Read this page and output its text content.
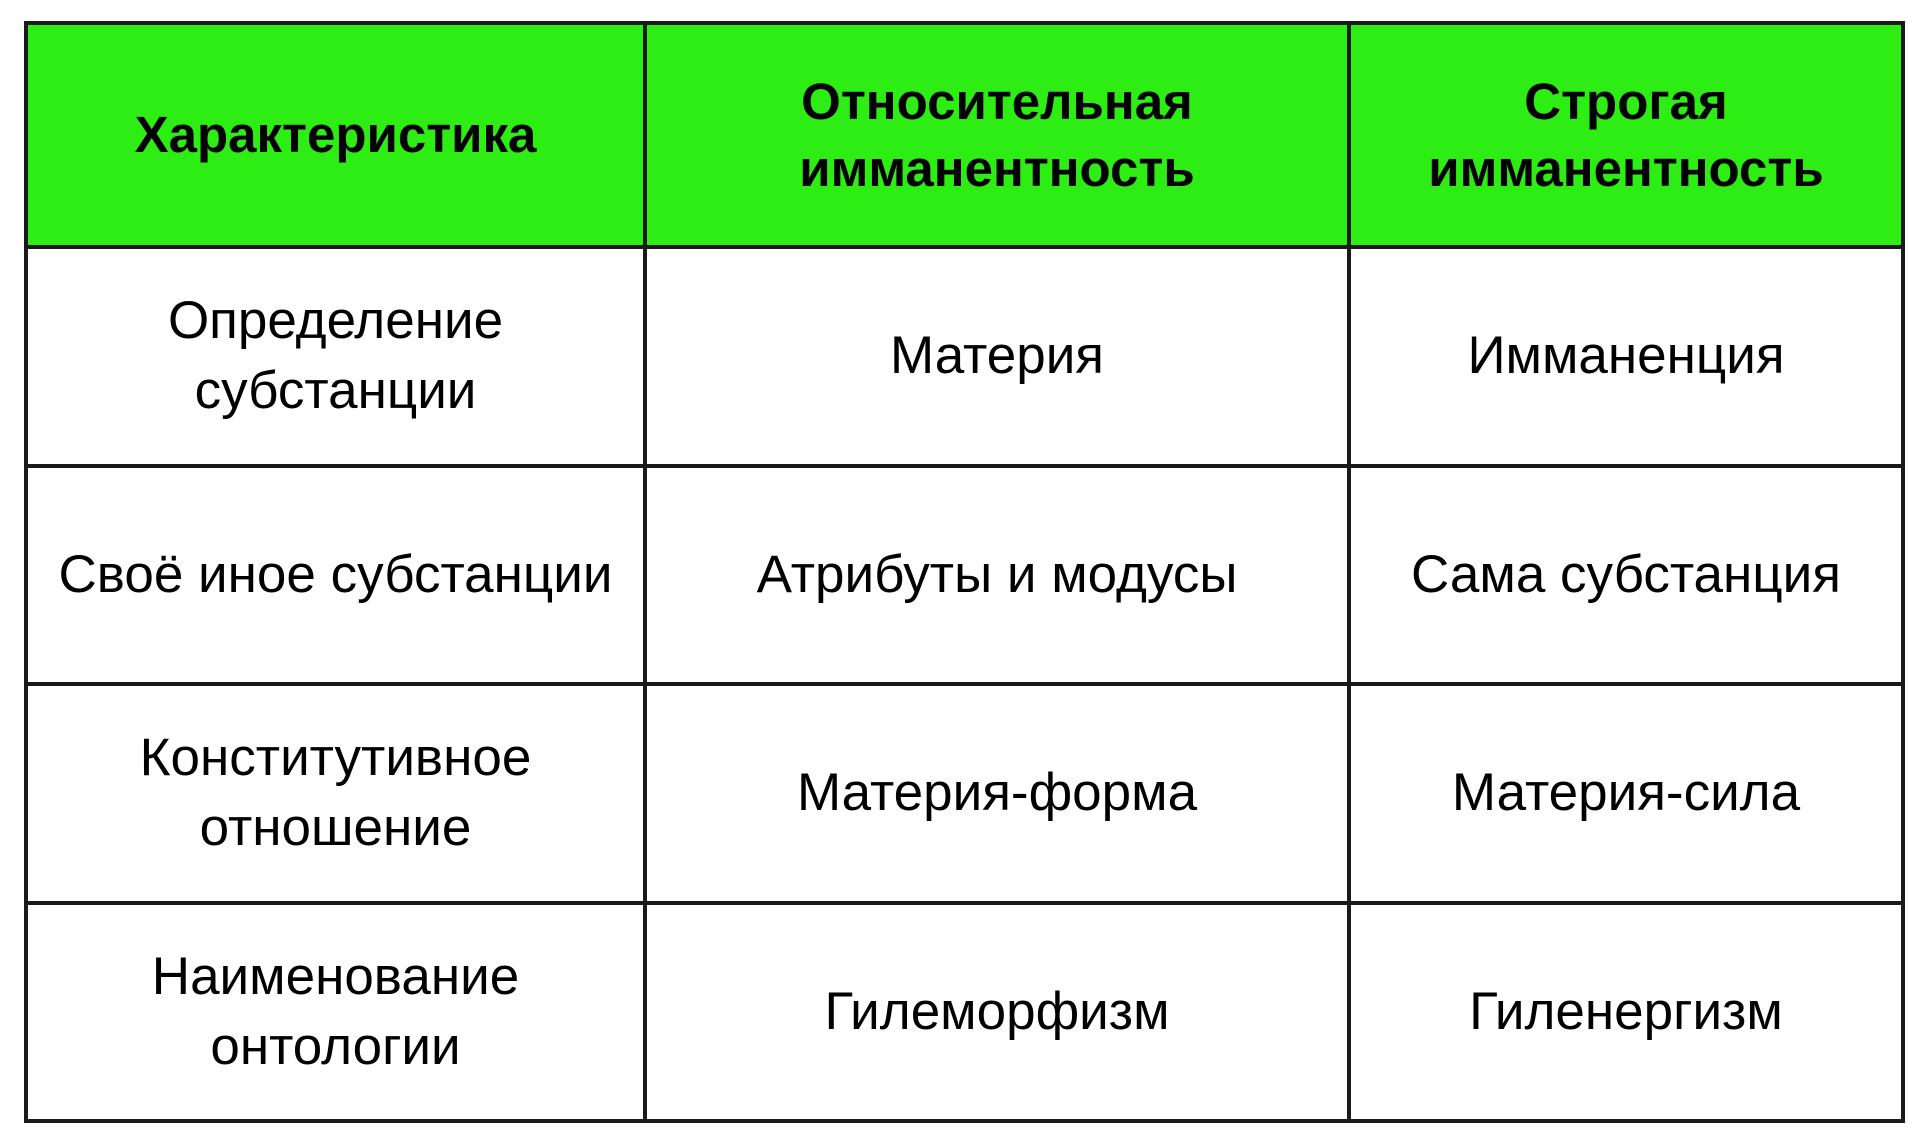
Характеристика	Относительная имманентность	Строгая имманентность
Определение субстанции	Материя	Имманенция
Своё иное субстанции	Атрибуты и модусы	Сама субстанция
Конститутивное отношение	Материя-форма	Материя-сила
Наименование онтологии	Гилеморфизм	Гиленергизм
